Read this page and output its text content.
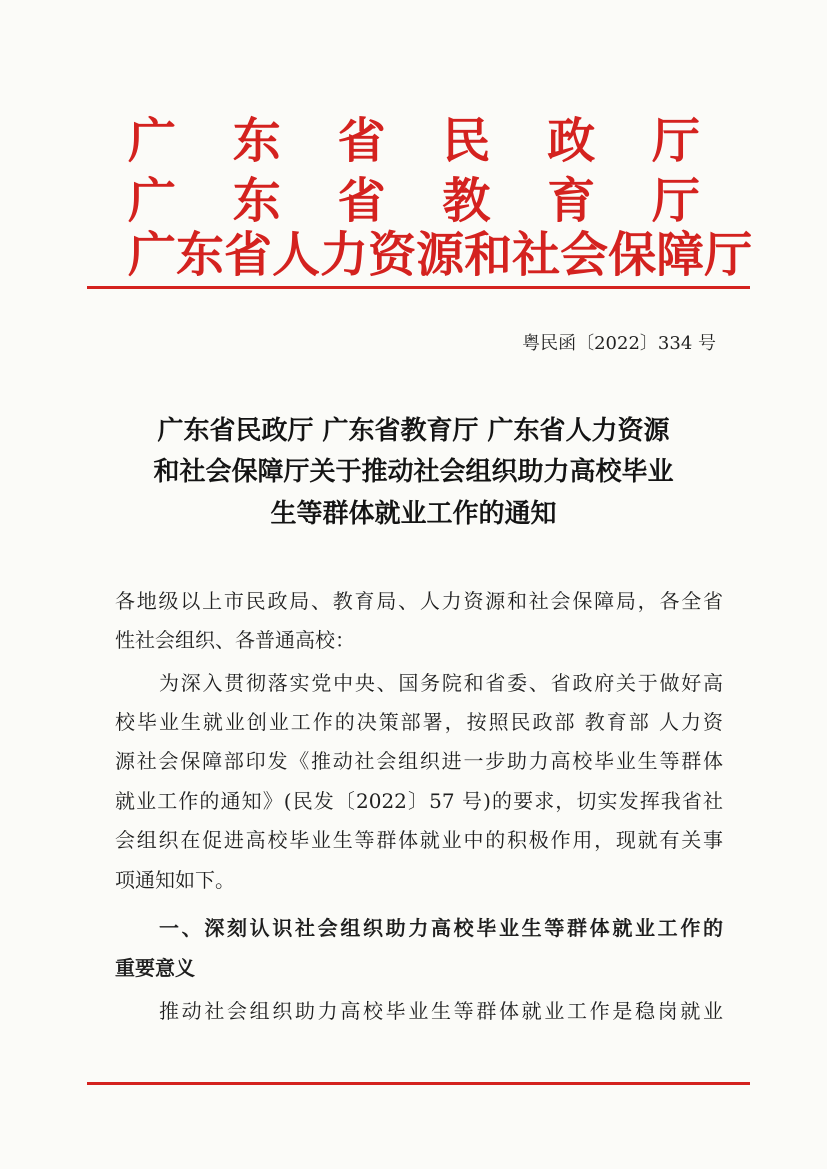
广 东 省 民 政 厅
广 东 省 教 育 厅
广 东 省 人 力 资 源 和 社 会 保 障 厅
粤民函〔2022〕334 号
广东省民政厅 广东省教育厅 广东省人力资源
和社会保障厅关于推动社会组织助力高校毕业
生等群体就业工作的通知
各地级以上市民政局、教育局、人力资源和社会保障局，各全省
性社会组织、各普通高校：
为深入贯彻落实党中央、国务院和省委、省政府关于做好高
校毕业生就业创业工作的决策部署，按照民政部 教育部 人力资
源社会保障部印发《推动社会组织进一步助力高校毕业生等群体
就业工作的通知》(民发〔2022〕57 号)的要求，切实发挥我省社
会组织在促进高校毕业生等群体就业中的积极作用，现就有关事
项通知如下。
一、深刻认识社会组织助力高校毕业生等群体就业工作的
重要意义
推动社会组织助力高校毕业生等群体就业工作是稳岗就业
